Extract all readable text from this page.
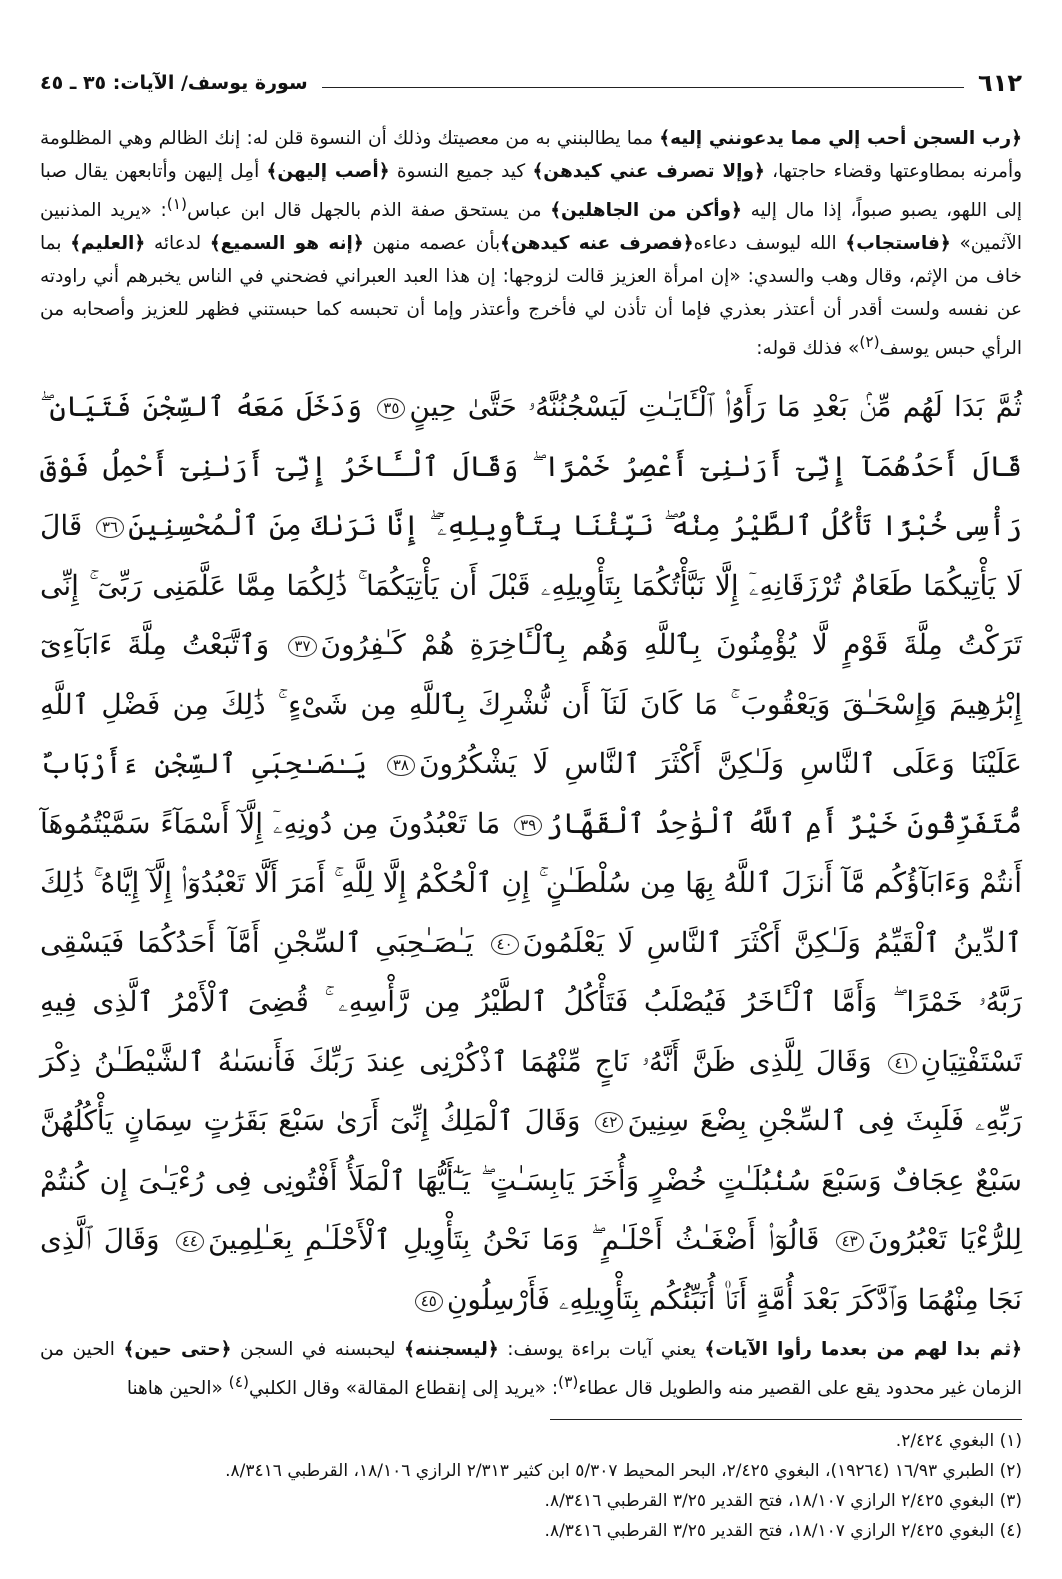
٦١٢
سورة يوسف/ الآيات: ٣٥ ـ ٤٥
﴿رب السجن أحب إلي مما يدعونني إليه﴾ مما يطالبنني به من معصيتك وذلك أن النسوة قلن له: إنك الظالم وهي المظلومة وأمرنه بمطاوعتها وقضاء حاجتها، ﴿وإلا تصرف عني كيدهن﴾ كيد جميع النسوة ﴿أصب إليهن﴾ أمِل إليهن وأتابعهن يقال صبا إلى اللهو، يصبو صبواً، إذا مال إليه ﴿وأكن من الجاهلين﴾ من يستحق صفة الذم بالجهل قال ابن عباس$^{(١)}$: «يريد المذنبين الآثمين» ﴿فاستجاب﴾ الله ليوسف دعاءه﴿فصرف عنه كيدهن﴾بأن عصمه منهن ﴿إنه هو السميع﴾ لدعائه ﴿العليم﴾ بما خاف من الإثم، وقال وهب والسدي: «إن امرأة العزيز قالت لزوجها: إن هذا العبد العبراني فضحني في الناس يخبرهم أني راودته عن نفسه ولست أقدر أن أعتذر بعذري فإما أن تأذن لي فأخرج وأعتذر وإما أن تحبسه كما حبستني فظهر للعزيز وأصحابه من الرأي حبس يوسف$^{(٢)}$» فذلك قوله:
ثُمَّ بَدَا لَهُم مِّنۢ بَعْدِ مَا رَأَوُا۟ ٱلْـَٔايَـٰتِ لَيَسْجُنُنَّهُۥ حَتَّىٰ حِينٍ٣٥ وَدَخَلَ مَعَهُ ٱلسِّجْنَ فَتَيَانِ ۖ قَالَ أَحَدُهُمَآ إِنِّىٓ أَرَىٰنِىٓ أَعْصِرُ خَمْرًا ۖ وَقَالَ ٱلْـَٔاخَرُ إِنِّىٓ أَرَىٰنِىٓ أَحْمِلُ فَوْقَ رَأْسِى خُبْزًا تَأْكُلُ ٱلطَّيْرُ مِنْهُ ۖ نَبِّئْنَا بِتَأْوِيلِهِۦٓ ۖ إِنَّا نَرَىٰكَ مِنَ ٱلْمُحْسِنِينَ٣٦ قَالَ لَا يَأْتِيكُمَا طَعَامٌ تُرْزَقَانِهِۦٓ إِلَّا نَبَّأْتُكُمَا بِتَأْوِيلِهِۦ قَبْلَ أَن يَأْتِيَكُمَا ۚ ذَٰلِكُمَا مِمَّا عَلَّمَنِى رَبِّىٓ ۚ إِنِّى تَرَكْتُ مِلَّةَ قَوْمٍ لَّا يُؤْمِنُونَ بِٱللَّهِ وَهُم بِٱلْـَٔاخِرَةِ هُمْ كَـٰفِرُونَ٣٧ وَٱتَّبَعْتُ مِلَّةَ ءَابَآءِىٓ إِبْرَٰهِيمَ وَإِسْحَـٰقَ وَيَعْقُوبَ ۚ مَا كَانَ لَنَآ أَن نُّشْرِكَ بِٱللَّهِ مِن شَىْءٍ ۚ ذَٰلِكَ مِن فَضْلِ ٱللَّهِ عَلَيْنَا وَعَلَى ٱلنَّاسِ وَلَـٰكِنَّ أَكْثَرَ ٱلنَّاسِ لَا يَشْكُرُونَ٣٨ يَـٰصَـٰحِبَىِ ٱلسِّجْنِ ءَأَرْبَابٌ مُّتَفَرِّقُونَ خَيْرٌ أَمِ ٱللَّهُ ٱلْوَٰحِدُ ٱلْقَهَّارُ٣٩ مَا تَعْبُدُونَ مِن دُونِهِۦٓ إِلَّآ أَسْمَآءً سَمَّيْتُمُوهَآ أَنتُمْ وَءَابَآؤُكُم مَّآ أَنزَلَ ٱللَّهُ بِهَا مِن سُلْطَـٰنٍ ۚ إِنِ ٱلْحُكْمُ إِلَّا لِلَّهِ ۚ أَمَرَ أَلَّا تَعْبُدُوٓا۟ إِلَّآ إِيَّاهُ ۚ ذَٰلِكَ ٱلدِّينُ ٱلْقَيِّمُ وَلَـٰكِنَّ أَكْثَرَ ٱلنَّاسِ لَا يَعْلَمُونَ٤٠ يَـٰصَـٰحِبَىِ ٱلسِّجْنِ أَمَّآ أَحَدُكُمَا فَيَسْقِى رَبَّهُۥ خَمْرًا ۖ وَأَمَّا ٱلْـَٔاخَرُ فَيُصْلَبُ فَتَأْكُلُ ٱلطَّيْرُ مِن رَّأْسِهِۦ ۚ قُضِىَ ٱلْأَمْرُ ٱلَّذِى فِيهِ تَسْتَفْتِيَانِ٤١ وَقَالَ لِلَّذِى ظَنَّ أَنَّهُۥ نَاجٍ مِّنْهُمَا ٱذْكُرْنِى عِندَ رَبِّكَ فَأَنسَىٰهُ ٱلشَّيْطَـٰنُ ذِكْرَ رَبِّهِۦ فَلَبِثَ فِى ٱلسِّجْنِ بِضْعَ سِنِينَ٤٢ وَقَالَ ٱلْمَلِكُ إِنِّىٓ أَرَىٰ سَبْعَ بَقَرَٰتٍ سِمَانٍ يَأْكُلُهُنَّ سَبْعٌ عِجَافٌ وَسَبْعَ سُنۢبُلَـٰتٍ خُضْرٍ وَأُخَرَ يَابِسَـٰتٍ ۖ يَـٰٓأَيُّهَا ٱلْمَلَأُ أَفْتُونِى فِى رُءْيَـٰىَ إِن كُنتُمْ لِلرُّءْيَا تَعْبُرُونَ٤٣ قَالُوٓا۟ أَضْغَـٰثُ أَحْلَـٰمٍ ۖ وَمَا نَحْنُ بِتَأْوِيلِ ٱلْأَحْلَـٰمِ بِعَـٰلِمِينَ٤٤ وَقَالَ ٱلَّذِى نَجَا مِنْهُمَا وَٱدَّكَرَ بَعْدَ أُمَّةٍ أَنَا۠ أُنَبِّئُكُم بِتَأْوِيلِهِۦ فَأَرْسِلُونِ٤٥
﴿ثم بدا لهم من بعدما رأوا الآيات﴾ يعني آيات براءة يوسف: ﴿ليسجننه﴾ ليحبسنه في السجن ﴿حتى حين﴾ الحين من الزمان غير محدود يقع على القصير منه والطويل قال عطاء$^{(٣)}$: «يريد إلى إنقطاع المقالة» وقال الكلبي$^{(٤)}$ «الحين هاهنا
(١) البغوي ٢/٤٢٤.
(٢) الطبري ١٦/٩٣ (١٩٢٦٤)، البغوي ٢/٤٢٥، البحر المحيط ٥/٣٠٧ ابن كثير ٢/٣١٣ الرازي ١٨/١٠٦، القرطبي ٨/٣٤١٦.
(٣) البغوي ٢/٤٢٥ الرازي ١٨/١٠٧، فتح القدير ٣/٢٥ القرطبي ٨/٣٤١٦.
(٤) البغوي ٢/٤٢٥ الرازي ١٨/١٠٧، فتح القدير ٣/٢٥ القرطبي ٨/٣٤١٦.
